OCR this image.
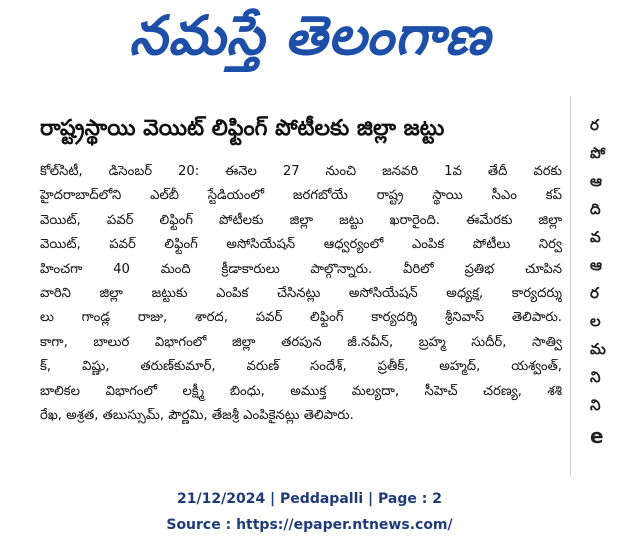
నమస్తే తెలంగాణ
రాష్ట్రస్థాయి వెయిట్ లిఫ్టింగ్ పోటీలకు జిల్లా జట్టు
కోల్‌సిటీ, డిసెంబర్ 20: ఈనెల 27 నుంచి జనవరి 1వ తేదీ వరకు
హైదరాబాద్‌లోని ఎల్‌బీ స్టేడియంలో జరగబోయే రాష్ట్ర స్థాయి సీఎం కప్
వెయిట్, పవర్ లిఫ్టింగ్ పోటీలకు జిల్లా జట్టు ఖరారైంది. ఈమేరకు జిల్లా
వెయిట్, పవర్ లిఫ్టింగ్ అసోసియేషన్ ఆధ్వర్యంలో ఎంపిక పోటీలు నిర్వ
హించగా 40 మంది క్రీడాకారులు పాల్గొన్నారు. వీరిలో ప్రతిభ చూపిన
వారిని జిల్లా జట్టుకు ఎంపిక చేసినట్లు అసోసియేషన్ అధ్యక్ష, కార్యదర్శు
లు గాండ్ల రాజు, శారద, పవర్ లిఫ్టింగ్ కార్యదర్శి శ్రీనివాస్ తెలిపారు.
కాగా, బాలుర విభాగంలో జిల్లా తరపున జీ.నవీన్, బ్రహ్మ సుదీర్, సాత్వి
క్, విష్ణు, తరుణ్‌కుమార్, వరుణ్ సందేశ్, ప్రతీక్, అహ్మద్, యశ్వంత్,
బాలికల విభాగంలో లక్ష్మీ బింధు, అముక్త మల్యదా, సీహెచ్ చరణ్య, శశి
రేఖ, అశ్రత, తబుస్సుమ్, పౌర్ణమి, తేజశ్రీ ఎంపికైనట్లు తెలిపారు.
ర
పో
ఆ
ది
వ
ఆ
ర
ల
మ
ని
ని
e
21/12/2024 | Peddapalli | Page : 2
Source : https://epaper.ntnews.com/
